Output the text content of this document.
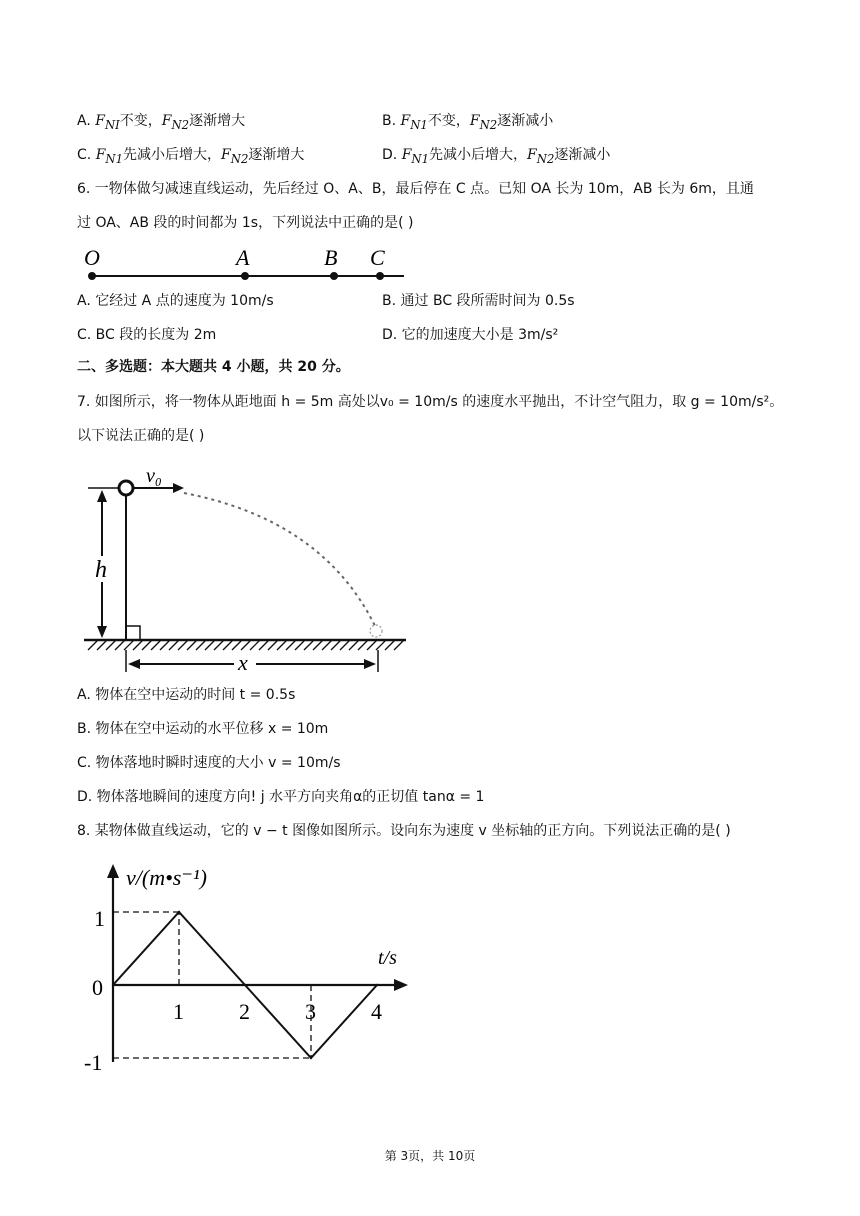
A. $F_{NI}$不变，$F_{N2}$逐渐增大	B. $F_{N1}$不变，$F_{N2}$逐渐减小
C. $F_{N1}$先减小后增大，$F_{N2}$逐渐增大	D. $F_{N1}$先减小后增大，$F_{N2}$逐渐减小
6. 一物体做匀减速直线运动，先后经过 O、A、B，最后停在 C 点。已知 OA 长为 10m，AB 长为 6m，且通
过 OA、AB 段的时间都为 1s，下列说法中正确的是( )
O	A	B C
A. 它经过 A 点的速度为 10m/s	B. 通过 BC 段所需时间为 0.5s
C. BC 段的长度为 2m	D. 它的加速度大小是 3m/s²
二、多选题：本大题共 4 小题，共 20 分。
7. 如图所示，将一物体从距地面 h = 5m 高处以v₀ = 10m/s 的速度水平抛出，不计空气阻力，取 g = 10m/s²。
以下说法正确的是( )
v₀
h
x
A. 物体在空中运动的时间 t = 0.5s
B. 物体在空中运动的水平位移 x = 10m
C. 物体落地时瞬时速度的大小 v = 10m/s
D. 物体落地瞬间的速度方向! j 水平方向夹角α的正切值 tanα = 1
8. 某物体做直线运动，它的 v − t 图像如图所示。设向东为速度 v 坐标轴的正方向。下列说法正确的是( )
v/(m•s⁻¹)
t/s
1	2	3	4
0
1
-1
第 3页，共 10页
